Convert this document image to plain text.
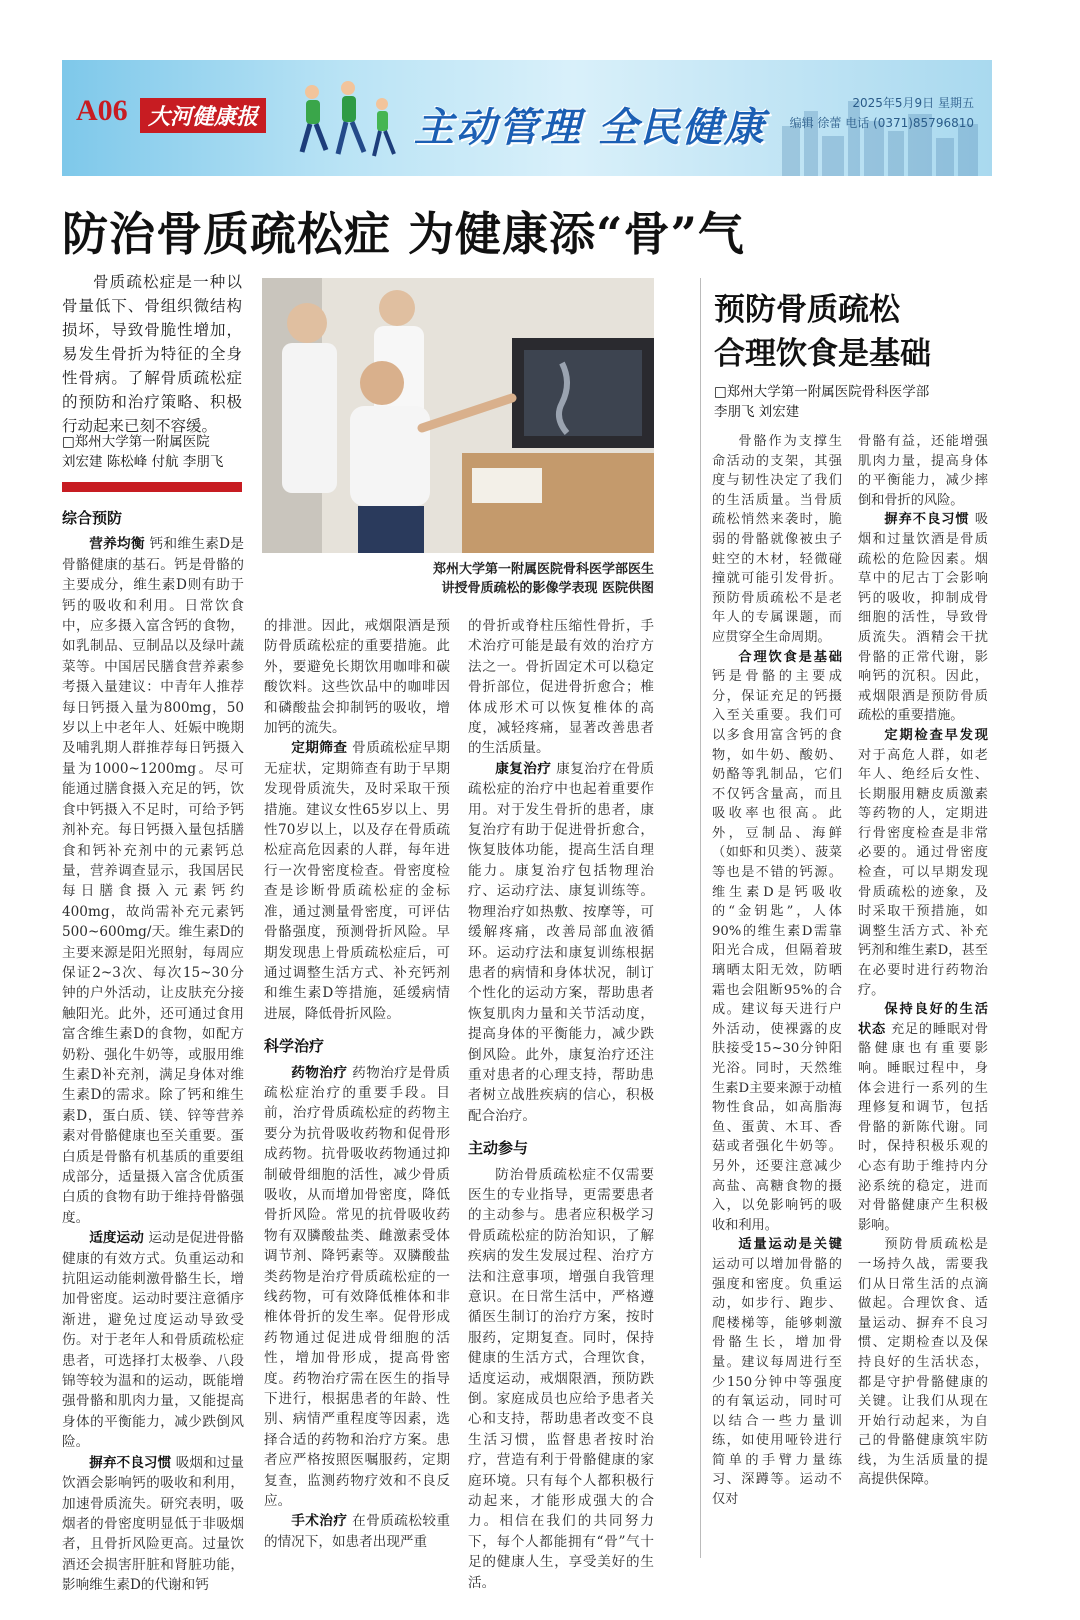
A06 大河健康报	主动管理 全民健康
2025年5月9日 星期五
编辑 徐蕾 电话 (0371)85796810
防治骨质疏松症 为健康添“骨”气

骨质疏松症是一种以骨量低下、骨组织微结构损坏，导致骨脆性增加，易发生骨折为特征的全身性骨病。了解骨质疏松症的预防和治疗策略、积极行动起来已刻不容缓。

□郑州大学第一附属医院
刘宏建 陈松峰 付航 李朋飞
郑州大学第一附属医院骨科医学部医生
讲授骨质疏松的影像学表现 医院供图
综合预防

营养均衡 钙和维生素D是骨骼健康的基石。钙是骨骼的主要成分，维生素D则有助于钙的吸收和利用。日常饮食中，应多摄入富含钙的食物，如乳制品、豆制品以及绿叶蔬菜等。中国居民膳食营养素参考摄入量建议：中青年人推荐每日钙摄入量为800mg，50岁以上中老年人、妊娠中晚期及哺乳期人群推荐每日钙摄入量为1000~1200mg。尽可能通过膳食摄入充足的钙，饮食中钙摄入不足时，可给予钙剂补充。每日钙摄入量包括膳食和钙补充剂中的元素钙总量，营养调查显示，我国居民每日膳食摄入元素钙约400mg，故尚需补充元素钙500~600mg/天。维生素D的主要来源是阳光照射，每周应保证2~3次、每次15~30分钟的户外活动，让皮肤充分接触阳光。此外，还可通过食用富含维生素D的食物，如配方奶粉、强化牛奶等，或服用维生素D补充剂，满足身体对维生素D的需求。除了钙和维生素D，蛋白质、镁、锌等营养素对骨骼健康也至关重要。蛋白质是骨骼有机基质的重要组成部分，适量摄入富含优质蛋白质的食物有助于维持骨骼强度。

适度运动 运动是促进骨骼健康的有效方式。负重运动和抗阻运动能刺激骨骼生长，增加骨密度。运动时要注意循序渐进，避免过度运动导致受伤。对于老年人和骨质疏松症患者，可选择打太极拳、八段锦等较为温和的运动，既能增强骨骼和肌肉力量，又能提高身体的平衡能力，减少跌倒风险。

摒弃不良习惯 吸烟和过量饮酒会影响钙的吸收和利用，加速骨质流失。研究表明，吸烟者的骨密度明显低于非吸烟者，且骨折风险更高。过量饮酒还会损害肝脏和肾脏功能，影响维生素D的代谢和钙

的排泄。因此，戒烟限酒是预防骨质疏松症的重要措施。此外，要避免长期饮用咖啡和碳酸饮料。这些饮品中的咖啡因和磷酸盐会抑制钙的吸收，增加钙的流失。

定期筛查 骨质疏松症早期无症状，定期筛查有助于早期发现骨质流失，及时采取干预措施。建议女性65岁以上、男性70岁以上，以及存在骨质疏松症高危因素的人群，每年进行一次骨密度检查。骨密度检查是诊断骨质疏松症的金标准，通过测量骨密度，可评估骨骼强度，预测骨折风险。早期发现患上骨质疏松症后，可通过调整生活方式、补充钙剂和维生素D等措施，延缓病情进展，降低骨折风险。

科学治疗

药物治疗 药物治疗是骨质疏松症治疗的重要手段。目前，治疗骨质疏松症的药物主要分为抗骨吸收药物和促骨形成药物。抗骨吸收药物通过抑制破骨细胞的活性，减少骨质吸收，从而增加骨密度，降低骨折风险。常见的抗骨吸收药物有双膦酸盐类、雌激素受体调节剂、降钙素等。双膦酸盐类药物是治疗骨质疏松症的一线药物，可有效降低椎体和非椎体骨折的发生率。促骨形成药物通过促进成骨细胞的活性，增加骨形成，提高骨密度。药物治疗需在医生的指导下进行，根据患者的年龄、性别、病情严重程度等因素，选择合适的药物和治疗方案。患者应严格按照医嘱服药，定期复查，监测药物疗效和不良反应。

手术治疗 在骨质疏松较重的情况下，如患者出现严重

的骨折或脊柱压缩性骨折，手术治疗可能是最有效的治疗方法之一。骨折固定术可以稳定骨折部位，促进骨折愈合；椎体成形术可以恢复椎体的高度，减轻疼痛，显著改善患者的生活质量。

康复治疗 康复治疗在骨质疏松症的治疗中也起着重要作用。对于发生骨折的患者，康复治疗有助于促进骨折愈合，恢复肢体功能，提高生活自理能力。康复治疗包括物理治疗、运动疗法、康复训练等。物理治疗如热敷、按摩等，可缓解疼痛，改善局部血液循环。运动疗法和康复训练根据患者的病情和身体状况，制订个性化的运动方案，帮助患者恢复肌肉力量和关节活动度，提高身体的平衡能力，减少跌倒风险。此外，康复治疗还注重对患者的心理支持，帮助患者树立战胜疾病的信心，积极配合治疗。

主动参与

防治骨质疏松症不仅需要医生的专业指导，更需要患者的主动参与。患者应积极学习骨质疏松症的防治知识，了解疾病的发生发展过程、治疗方法和注意事项，增强自我管理意识。在日常生活中，严格遵循医生制订的治疗方案，按时服药，定期复查。同时，保持健康的生活方式，合理饮食，适度运动，戒烟限酒，预防跌倒。家庭成员也应给予患者关心和支持，帮助患者改变不良生活习惯，监督患者按时治疗，营造有利于骨骼健康的家庭环境。只有每个人都积极行动起来，才能形成强大的合力。相信在我们的共同努力下，每个人都能拥有“骨”气十足的健康人生，享受美好的生活。

预防骨质疏松
合理饮食是基础
□郑州大学第一附属医院骨科医学部
李朋飞 刘宏建

骨骼作为支撑生命活动的支架，其强度与韧性决定了我们的生活质量。当骨质疏松悄然来袭时，脆弱的骨骼就像被虫子蛀空的木材，轻微碰撞就可能引发骨折。预防骨质疏松不是老年人的专属课题，而应贯穿全生命周期。

合理饮食是基础 钙是骨骼的主要成分，保证充足的钙摄入至关重要。我们可以多食用富含钙的食物，如牛奶、酸奶、奶酪等乳制品，它们不仅钙含量高，而且吸收率也很高。此外，豆制品、海鲜（如虾和贝类）、菠菜等也是不错的钙源。维生素D是钙吸收的“金钥匙”，人体90%的维生素D需靠阳光合成，但隔着玻璃晒太阳无效，防晒霜也会阻断95%的合成。建议每天进行户外活动，使裸露的皮肤接受15~30分钟阳光浴。同时，天然维生素D主要来源于动植物性食品，如高脂海鱼、蛋黄、木耳、香菇或者强化牛奶等。另外，还要注意减少高盐、高糖食物的摄入，以免影响钙的吸收和利用。

适量运动是关键 运动可以增加骨骼的强度和密度。负重运动，如步行、跑步、爬楼梯等，能够刺激骨骼生长，增加骨量。建议每周进行至少150分钟中等强度的有氧运动，同时可以结合一些力量训练，如使用哑铃进行简单的手臂力量练习、深蹲等。运动不仅对

骨骼有益，还能增强肌肉力量，提高身体的平衡能力，减少摔倒和骨折的风险。

摒弃不良习惯 吸烟和过量饮酒是骨质疏松的危险因素。烟草中的尼古丁会影响钙的吸收，抑制成骨细胞的活性，导致骨质流失。酒精会干扰骨骼的正常代谢，影响钙的沉积。因此，戒烟限酒是预防骨质疏松的重要措施。

定期检查早发现 对于高危人群，如老年人、绝经后女性、长期服用糖皮质激素等药物的人，定期进行骨密度检查是非常必要的。通过骨密度检查，可以早期发现骨质疏松的迹象，及时采取干预措施，如调整生活方式、补充钙剂和维生素D，甚至在必要时进行药物治疗。

保持良好的生活状态 充足的睡眠对骨骼健康也有重要影响。睡眠过程中，身体会进行一系列的生理修复和调节，包括骨骼的新陈代谢。同时，保持积极乐观的心态有助于维持内分泌系统的稳定，进而对骨骼健康产生积极影响。

预防骨质疏松是一场持久战，需要我们从日常生活的点滴做起。合理饮食、适量运动、摒弃不良习惯、定期检查以及保持良好的生活状态，都是守护骨骼健康的关键。让我们从现在开始行动起来，为自己的骨骼健康筑牢防线，为生活质量的提高提供保障。
